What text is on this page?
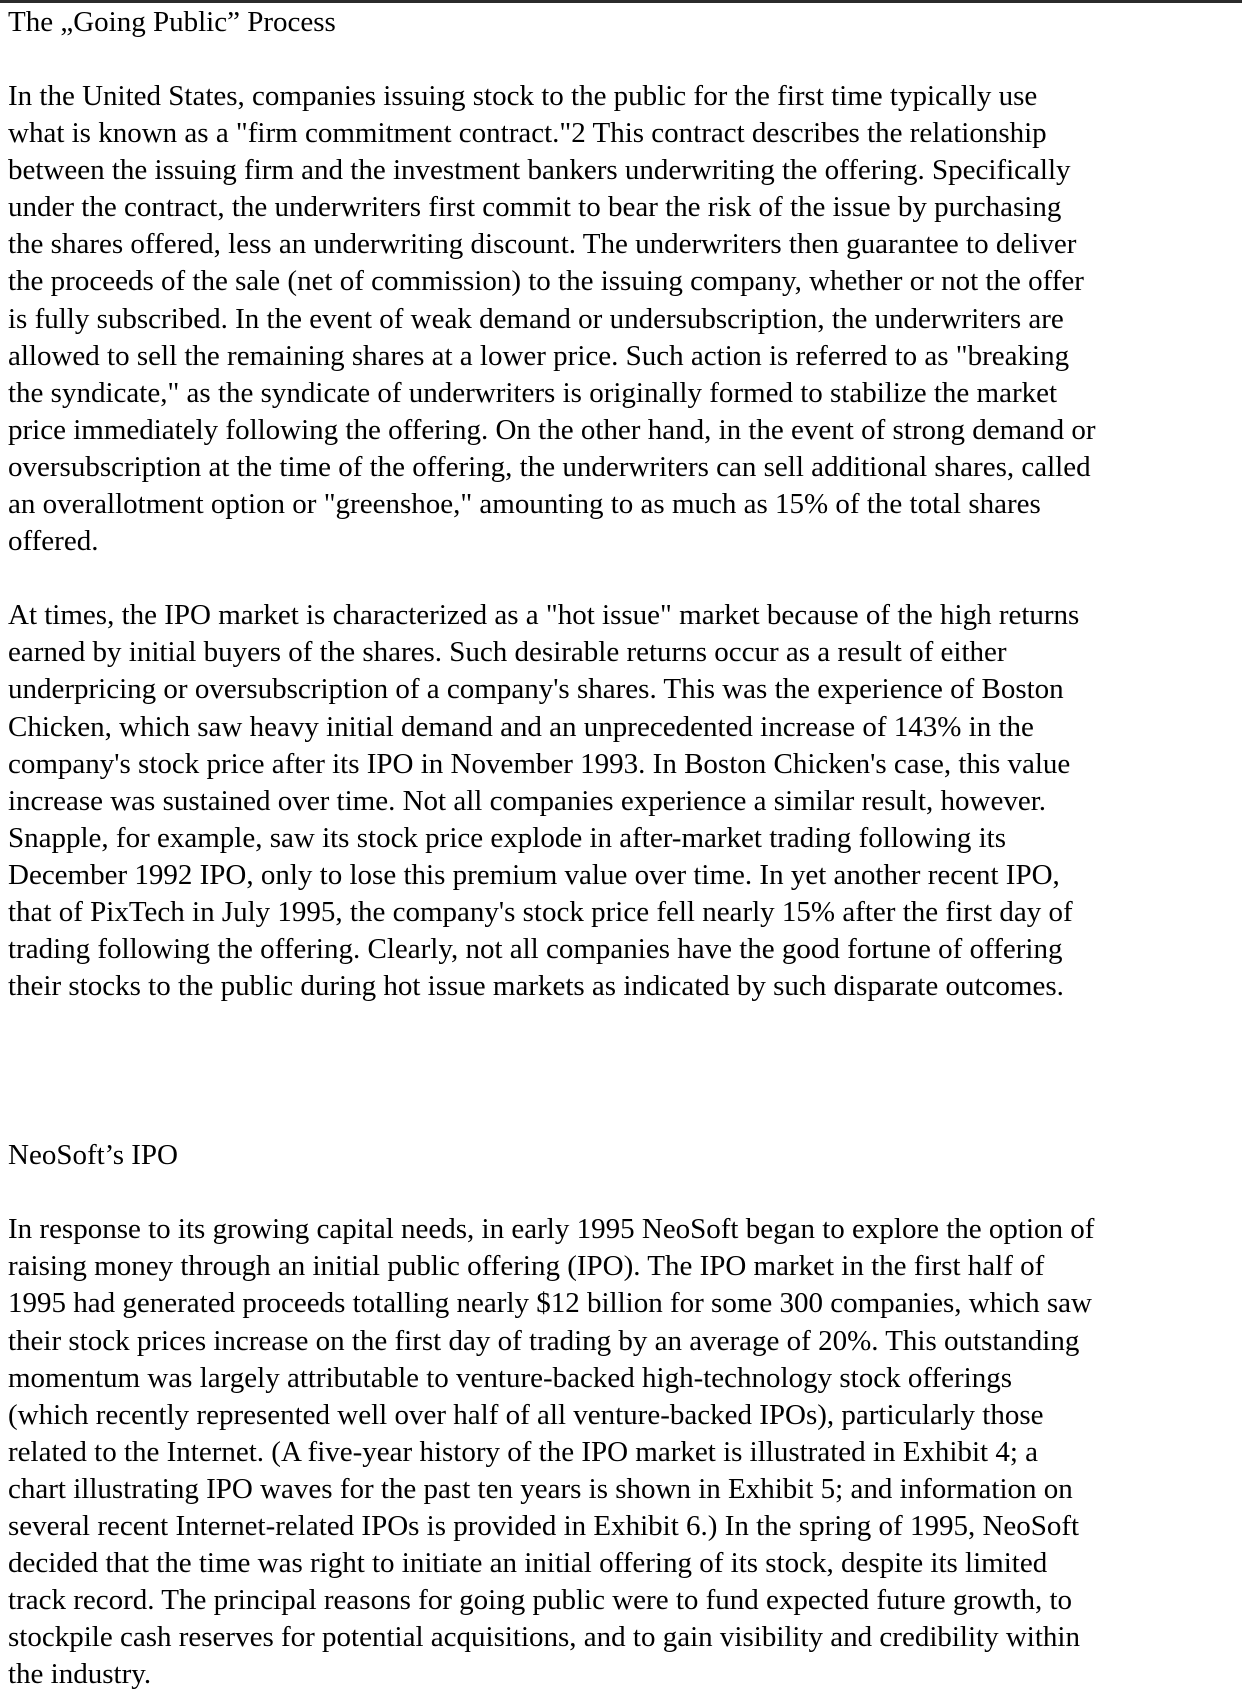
The „Going Public” Process

In the United States, companies issuing stock to the public for the first time typically use
what is known as a "firm commitment contract."2 This contract describes the relationship
between the issuing firm and the investment bankers underwriting the offering. Specifically
under the contract, the underwriters first commit to bear the risk of the issue by purchasing
the shares offered, less an underwriting discount. The underwriters then guarantee to deliver
the proceeds of the sale (net of commission) to the issuing company, whether or not the offer
is fully subscribed. In the event of weak demand or undersubscription, the underwriters are
allowed to sell the remaining shares at a lower price. Such action is referred to as "breaking
the syndicate," as the syndicate of underwriters is originally formed to stabilize the market
price immediately following the offering. On the other hand, in the event of strong demand or
oversubscription at the time of the offering, the underwriters can sell additional shares, called
an overallotment option or "greenshoe," amounting to as much as 15% of the total shares
offered.

At times, the IPO market is characterized as a "hot issue" market because of the high returns
earned by initial buyers of the shares. Such desirable returns occur as a result of either
underpricing or oversubscription of a company's shares. This was the experience of Boston
Chicken, which saw heavy initial demand and an unprecedented increase of 143% in the
company's stock price after its IPO in November 1993. In Boston Chicken's case, this value
increase was sustained over time. Not all companies experience a similar result, however.
Snapple, for example, saw its stock price explode in after-market trading following its
December 1992 IPO, only to lose this premium value over time. In yet another recent IPO,
that of PixTech in July 1995, the company's stock price fell nearly 15% after the first day of
trading following the offering. Clearly, not all companies have the good fortune of offering
their stocks to the public during hot issue markets as indicated by such disparate outcomes.

NeoSoft’s IPO

In response to its growing capital needs, in early 1995 NeoSoft began to explore the option of
raising money through an initial public offering (IPO). The IPO market in the first half of
1995 had generated proceeds totalling nearly $12 billion for some 300 companies, which saw
their stock prices increase on the first day of trading by an average of 20%. This outstanding
momentum was largely attributable to venture-backed high-technology stock offerings
(which recently represented well over half of all venture-backed IPOs), particularly those
related to the Internet. (A five-year history of the IPO market is illustrated in Exhibit 4; a
chart illustrating IPO waves for the past ten years is shown in Exhibit 5; and information on
several recent Internet-related IPOs is provided in Exhibit 6.) In the spring of 1995, NeoSoft
decided that the time was right to initiate an initial offering of its stock, despite its limited
track record. The principal reasons for going public were to fund expected future growth, to
stockpile cash reserves for potential acquisitions, and to gain visibility and credibility within
the industry.
